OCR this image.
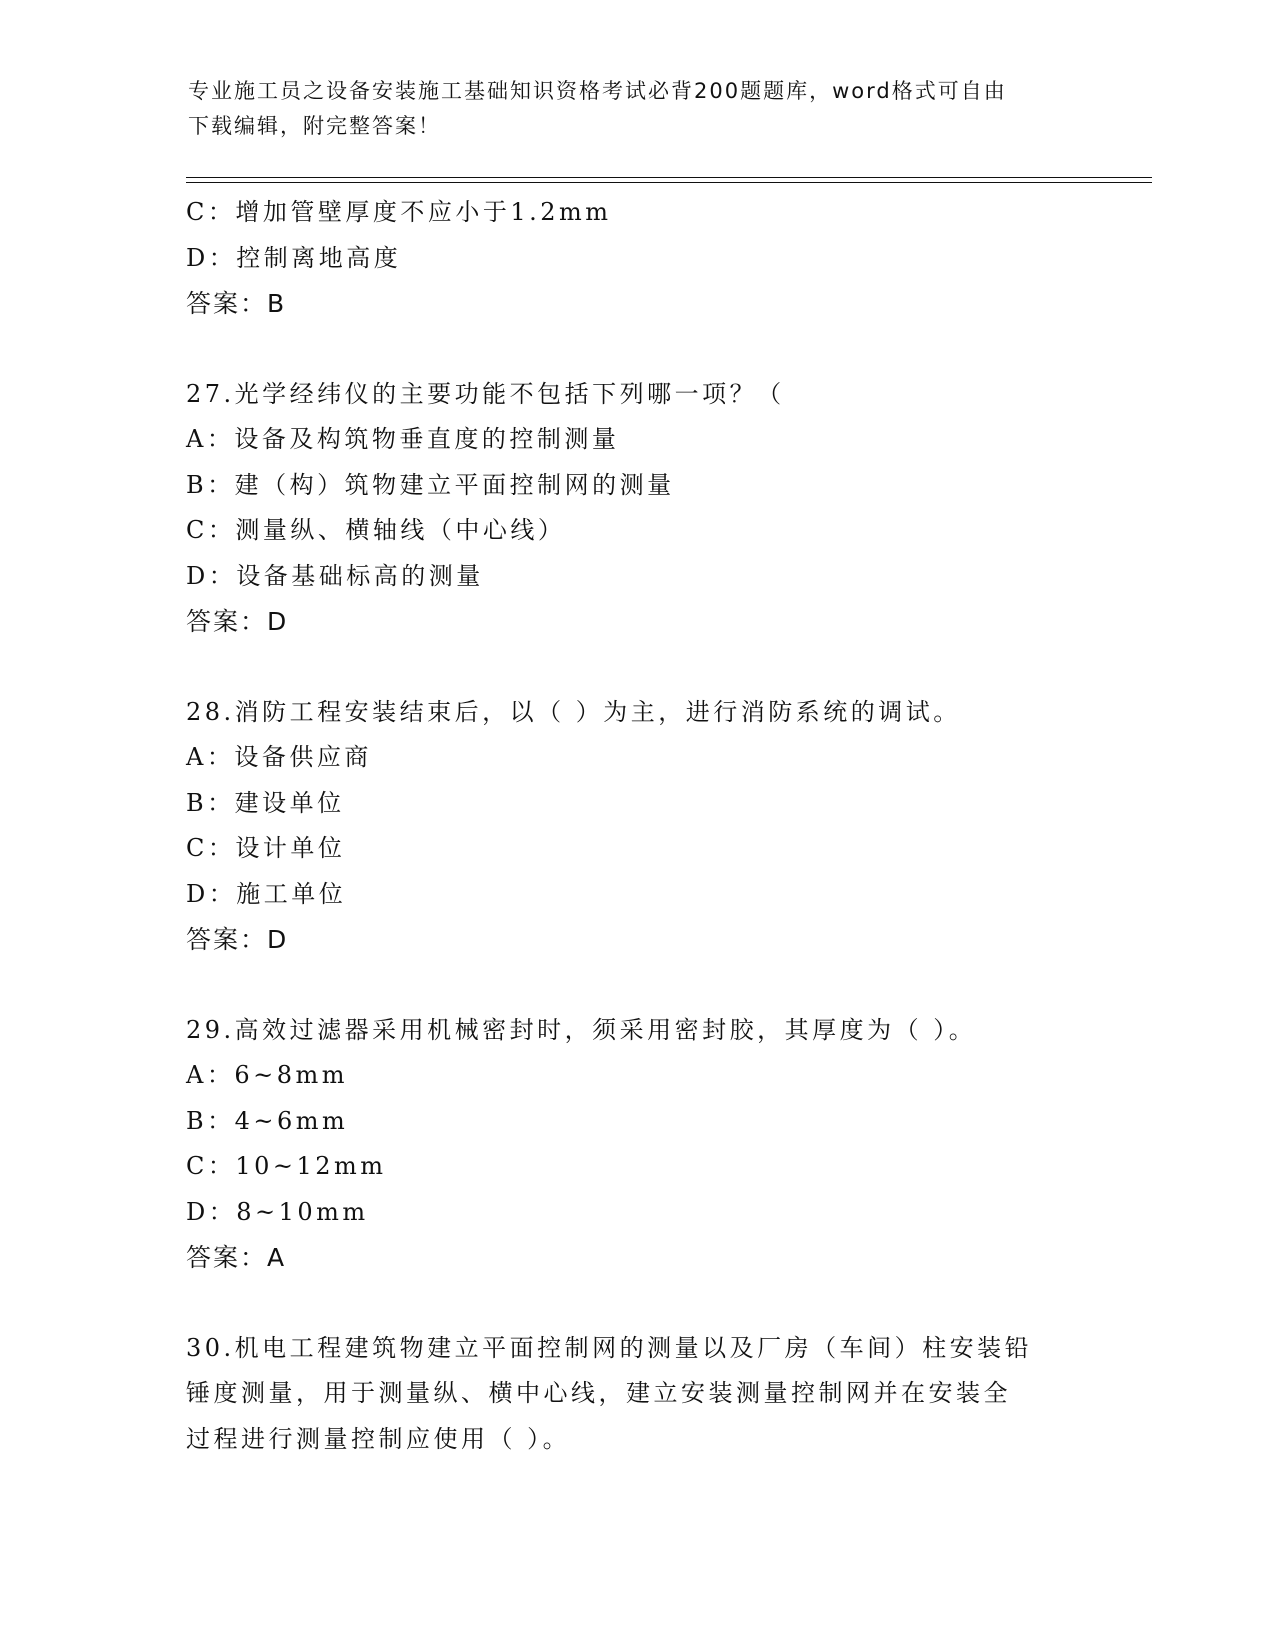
专业施工员之设备安装施工基础知识资格考试必背200题题库，word格式可自由
下载编辑，附完整答案！
C：增加管壁厚度不应小于1.2mm
D：控制离地高度
答案：B
27.光学经纬仪的主要功能不包括下列哪一项？（
A：设备及构筑物垂直度的控制测量
B：建（构）筑物建立平面控制网的测量
C：测量纵、横轴线（中心线）
D：设备基础标高的测量
答案：D
28.消防工程安装结束后，以（ ）为主，进行消防系统的调试。
A：设备供应商
B：建设单位
C：设计单位
D：施工单位
答案：D
29.高效过滤器采用机械密封时，须采用密封胶，其厚度为（ ）。
A：6~8mm
B：4~6mm
C：10~12mm
D：8~10mm
答案：A
30.机电工程建筑物建立平面控制网的测量以及厂房（车间）柱安装铅
锤度测量，用于测量纵、横中心线，建立安装测量控制网并在安装全
过程进行测量控制应使用（ ）。
